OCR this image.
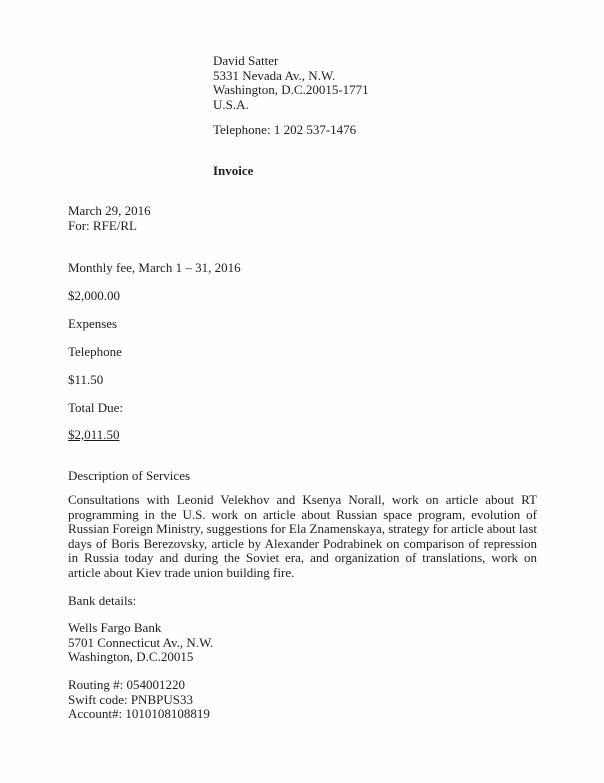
David Satter
5331 Nevada Av., N.W.
Washington, D.C.20015-1771
U.S.A.
Telephone: 1 202 537-1476
Invoice
March 29, 2016
For: RFE/RL
Monthly fee, March 1 – 31, 2016
$2,000.00
Expenses
Telephone
$11.50
Total Due:
$2,011.50
Description of Services
Consultations with Leonid Velekhov and Ksenya Norall, work on article about RT programming in the U.S. work on article about Russian space program, evolution of Russian Foreign Ministry, suggestions for Ela Znamenskaya, strategy for article about last days of Boris Berezovsky, article by Alexander Podrabinek on comparison of repression in Russia today and during the Soviet era, and organization of translations, work on article about Kiev trade union building fire.
Bank details:
Wells Fargo Bank
5701 Connecticut Av., N.W.
Washington, D.C.20015
Routing #: 054001220
Swift code: PNBPUS33
Account#: 1010108108819
